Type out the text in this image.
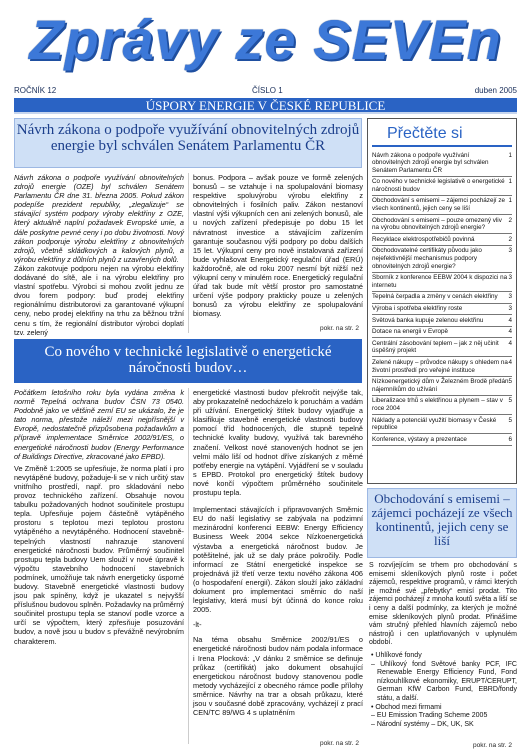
Zprávy ze SEVEn
ROČNÍK 12	ČÍSLO 1	duben 2005
ÚSPORY ENERGIE V ČESKÉ REPUBLICE
Návrh zákona o podpoře využívání obnovitelných zdrojů energie byl schválen Senátem Parlamentu ČR

Návrh zákona o podpoře využívání obnovitelných zdrojů energie (OZE) byl schválen Senátem Parlamentu ČR dne 31. března 2005. Pokud zákon podepíše prezident republiky, „zlegalizuje“ se stávající systém podpory výroby elektřiny z OZE, který aktuálně naplní požadavek Evropské unie, a dále poskytne pevné ceny i po dobu životnosti. Nový zákon podporuje výrobu elektřiny z obnovitelných zdrojů, včetně skládkových a kalových plynů, a výrobu elektřiny z důlních plynů z uzavřených dolů.

Zákon zakotvuje podporu nejen na výrobu elektřiny dodávané do sítě, ale i na výrobu elektřiny pro vlastní spotřebu. Výrobci si mohou zvolit jednu ze dvou forem podpory: buď prodej elektřiny regionálnímu distributorovi za garantované výkupní ceny, nebo prodej elektřiny na trhu za běžnou tržní cenu s tím, že regionální distributor výrobci doplatí tzv. zelený

bonus. Podpora – avšak pouze ve formě zelených bonusů – se vztahuje i na spolupalování biomasy respektive spoluvýrobu výrobu elektřiny z obnovitelných i fosilních paliv. Zákon nestanoví vlastní výši výkupních cen ani zelených bonusů, ale u nových zařízení předepisuje po dobu 15 let návratnost investice a stávajícím zařízením garantuje současnou výši podpory po dobu dalších 15 let. Výkupní ceny pro nově instalovaná zařízení bude vyhlašovat Energetický regulační úřad (ERÚ) každoročně, ale od roku 2007 nesmí být nižší než výkupní ceny v minulém roce. Energetický regulační úřad tak bude mít větší prostor pro samostatné určení výše podpory prakticky pouze u zelených bonusů za výrobu elektřiny ze spolupalování biomasy.

pokr. na str. 2
Co nového v technické legislativě o energetické náročnosti budov…

Počátkem letošního roku byla vydána změna k normě Tepelná ochrana budov ČSN 73 0540. Podobně jako ve většině zemí EU se ukázalo, že je tato norma, přestože náleží mezi nejpřísnější v Evropě, nedostatečně přizpůsobena požadavkům a přípravě implementace Směrnice 2002/91/ES, o energetické náročnosti budov (Energy Performance of Buildings Directive, zkracované jako EPBD).

Ve Změně 1:2005 se upřesňuje, že norma platí i pro nevytápěné budovy, požaduje-li se v nich určitý stav vnitřního prostředí, např. pro skladování nebo provoz technického zařízení. Obsahuje novou tabulku požadovaných hodnot součinitele prostupu tepla. Upřesňuje pojem částečně vytápěného prostoru s teplotou mezi teplotou prostoru vytápěného a nevytápěného. Hodnocení stavebně-tepelných vlastností nahrazuje stanovení energetické náročnosti budov. Průměrný součinitel prostupu tepla budovy Uem slouží v nové úpravě k výpočtu stavebního hodnocení stavebních podmínek, umožňuje tak návrh energeticky úsporné budovy. Stavebně energetické vlastnosti budovy jsou pak spíněny, když je ukazatel s nejvyšší příslušnou budovou splněn. Požadavky na průměrný součinitel prostupu tepla se stanoví podle vzorce a určí se výpočtem, který zpřesňuje posuzování budov, a nově jsou u budov s převážně nevýrobním charakterem.

energetické vlastnosti budov překročit nejvýše tak, aby prokazatelně nedocházelo k poruchám a vadám při užívání. Energetický štítek budovy vyjadřuje a klasifikuje stavebně energetické vlastnosti budovy pomocí tříd hodnocených, dle stupně tepelně technické kvality budovy, využívá tak barevného značení. Velkost nové stanovených hodnot se jen velmi málo liší od hodnot dříve získaných z měrné potřeby energie na vytápění. Vyjádření se v souladu s EPBD. Protokol pro energetický štítek budovy nové končí výpočtem průměrného součinitele prostupu tepla.

Implementaci stávajících i připravovaných Směrnic EU do naší legislativy se zabývala na podzimní mezinárodní konferenci EEBW: Energy Efficiency Business Week 2004 sekce Nízkoenergetická výstavba a energetická náročnost budov. Je potěšitelné, jak už se daly práce pokročily. Podle informací ze Státní energetické inspekce se projednává již třetí verze textu nového zákona 406 (o hospodaření energií). Zákon slouží jako základní dokument pro implementaci směrnic do naší legislativy, která musí být účinná do konce roku 2005.

-lt-

Na téma obsahu Směrnice 2002/91/ES o energetické náročnosti budov nám podala informace i Irena Plocková: „V dánku 2 směrnice se definuje průkaz (certifikát) jako dokument obsahující energetickou náročnost budovy stanovenou podle metody vycházející z obecného rámce podle přílohy směrnice. Návrhy na trar a obsah průkazu, které jsou v současné době zpracovány, vycházejí z prací CEN/TC 89/WG 4 s uplatněním

pokr. na str. 2
Přečtěte si
1
Návrh zákona o podpoře využívání obnovitelných zdrojů energie byl schválen Senátem Parlamentu ČR
1
Co nového v technické legislativě o energetické náročnosti budov
1
Obchodování s emisemi – zájemci pocházejí ze všech kontinentů, jejich ceny se liší
2
Obchodování s emisemi – pouze omezený vliv na výrobu obnovitelných zdrojů energie?
2
Recyklace elektrospotřebičů povinná
3
Obchodovatelné certifikáty původu jako nejefektivnější mechanismus podpory obnovitelných zdrojů energie?
3
Sborník z konference EEBW 2004 k dispozici na internetu
3
Tepelná čerpadla a změny v cenách elektřiny
3
Výroba i spotřeba elektřiny roste
4
Světová banka kupuje zelenou elektřinu
4
Dotace na energii v Evropě
4
Centrální zásobování teplem – jak z něj učinit úspěšný projekt
4
Zelené nákupy – průvodce nákupy s ohledem na životní prostředí pro veřejné instituce
5
Nízkoenergetický dům v Železném Brodě předán nájemníkům do užívání
5
Liberalizace trhů s elektřinou a plynem – stav v roce 2004
5
Náklady a potenciál využití biomasy v České republice
6
Konference, výstavy a prezentace
Obchodování s emisemi – zájemci pocházejí ze všech kontinentů, jejich ceny se liší

S rozvíjejícím se trhem pro obchodování s emisemi skleníkových plynů roste i počet zájemců, respektive programů, v rámci kterých je možné své „přebytky“ emisí prodat. Tito zájemci pocházejí z mnoha koutů světa a liší se i ceny a další podmínky, za kterých je možné emise skleníkových plynů prodat. Přinášíme vám stručný přehled hlavních zájemců nebo nástrojů i cen uplatňovaných v uplynulém období.

• Uhlíkové fondy
– Uhlíkový fond Světové banky PCF, IFC Renewable Energy Efficiency Fund, Fond nízkouhlíkové ekonomiky, ERUPT/CERUPT, German KfW Carbon Fund, EBRD/fondy státu, a další.
• Obchod mezi firmami
– EU Emission Trading Scheme 2005
– Národní systémy – DK, UK, SK
pokr. na str. 2
